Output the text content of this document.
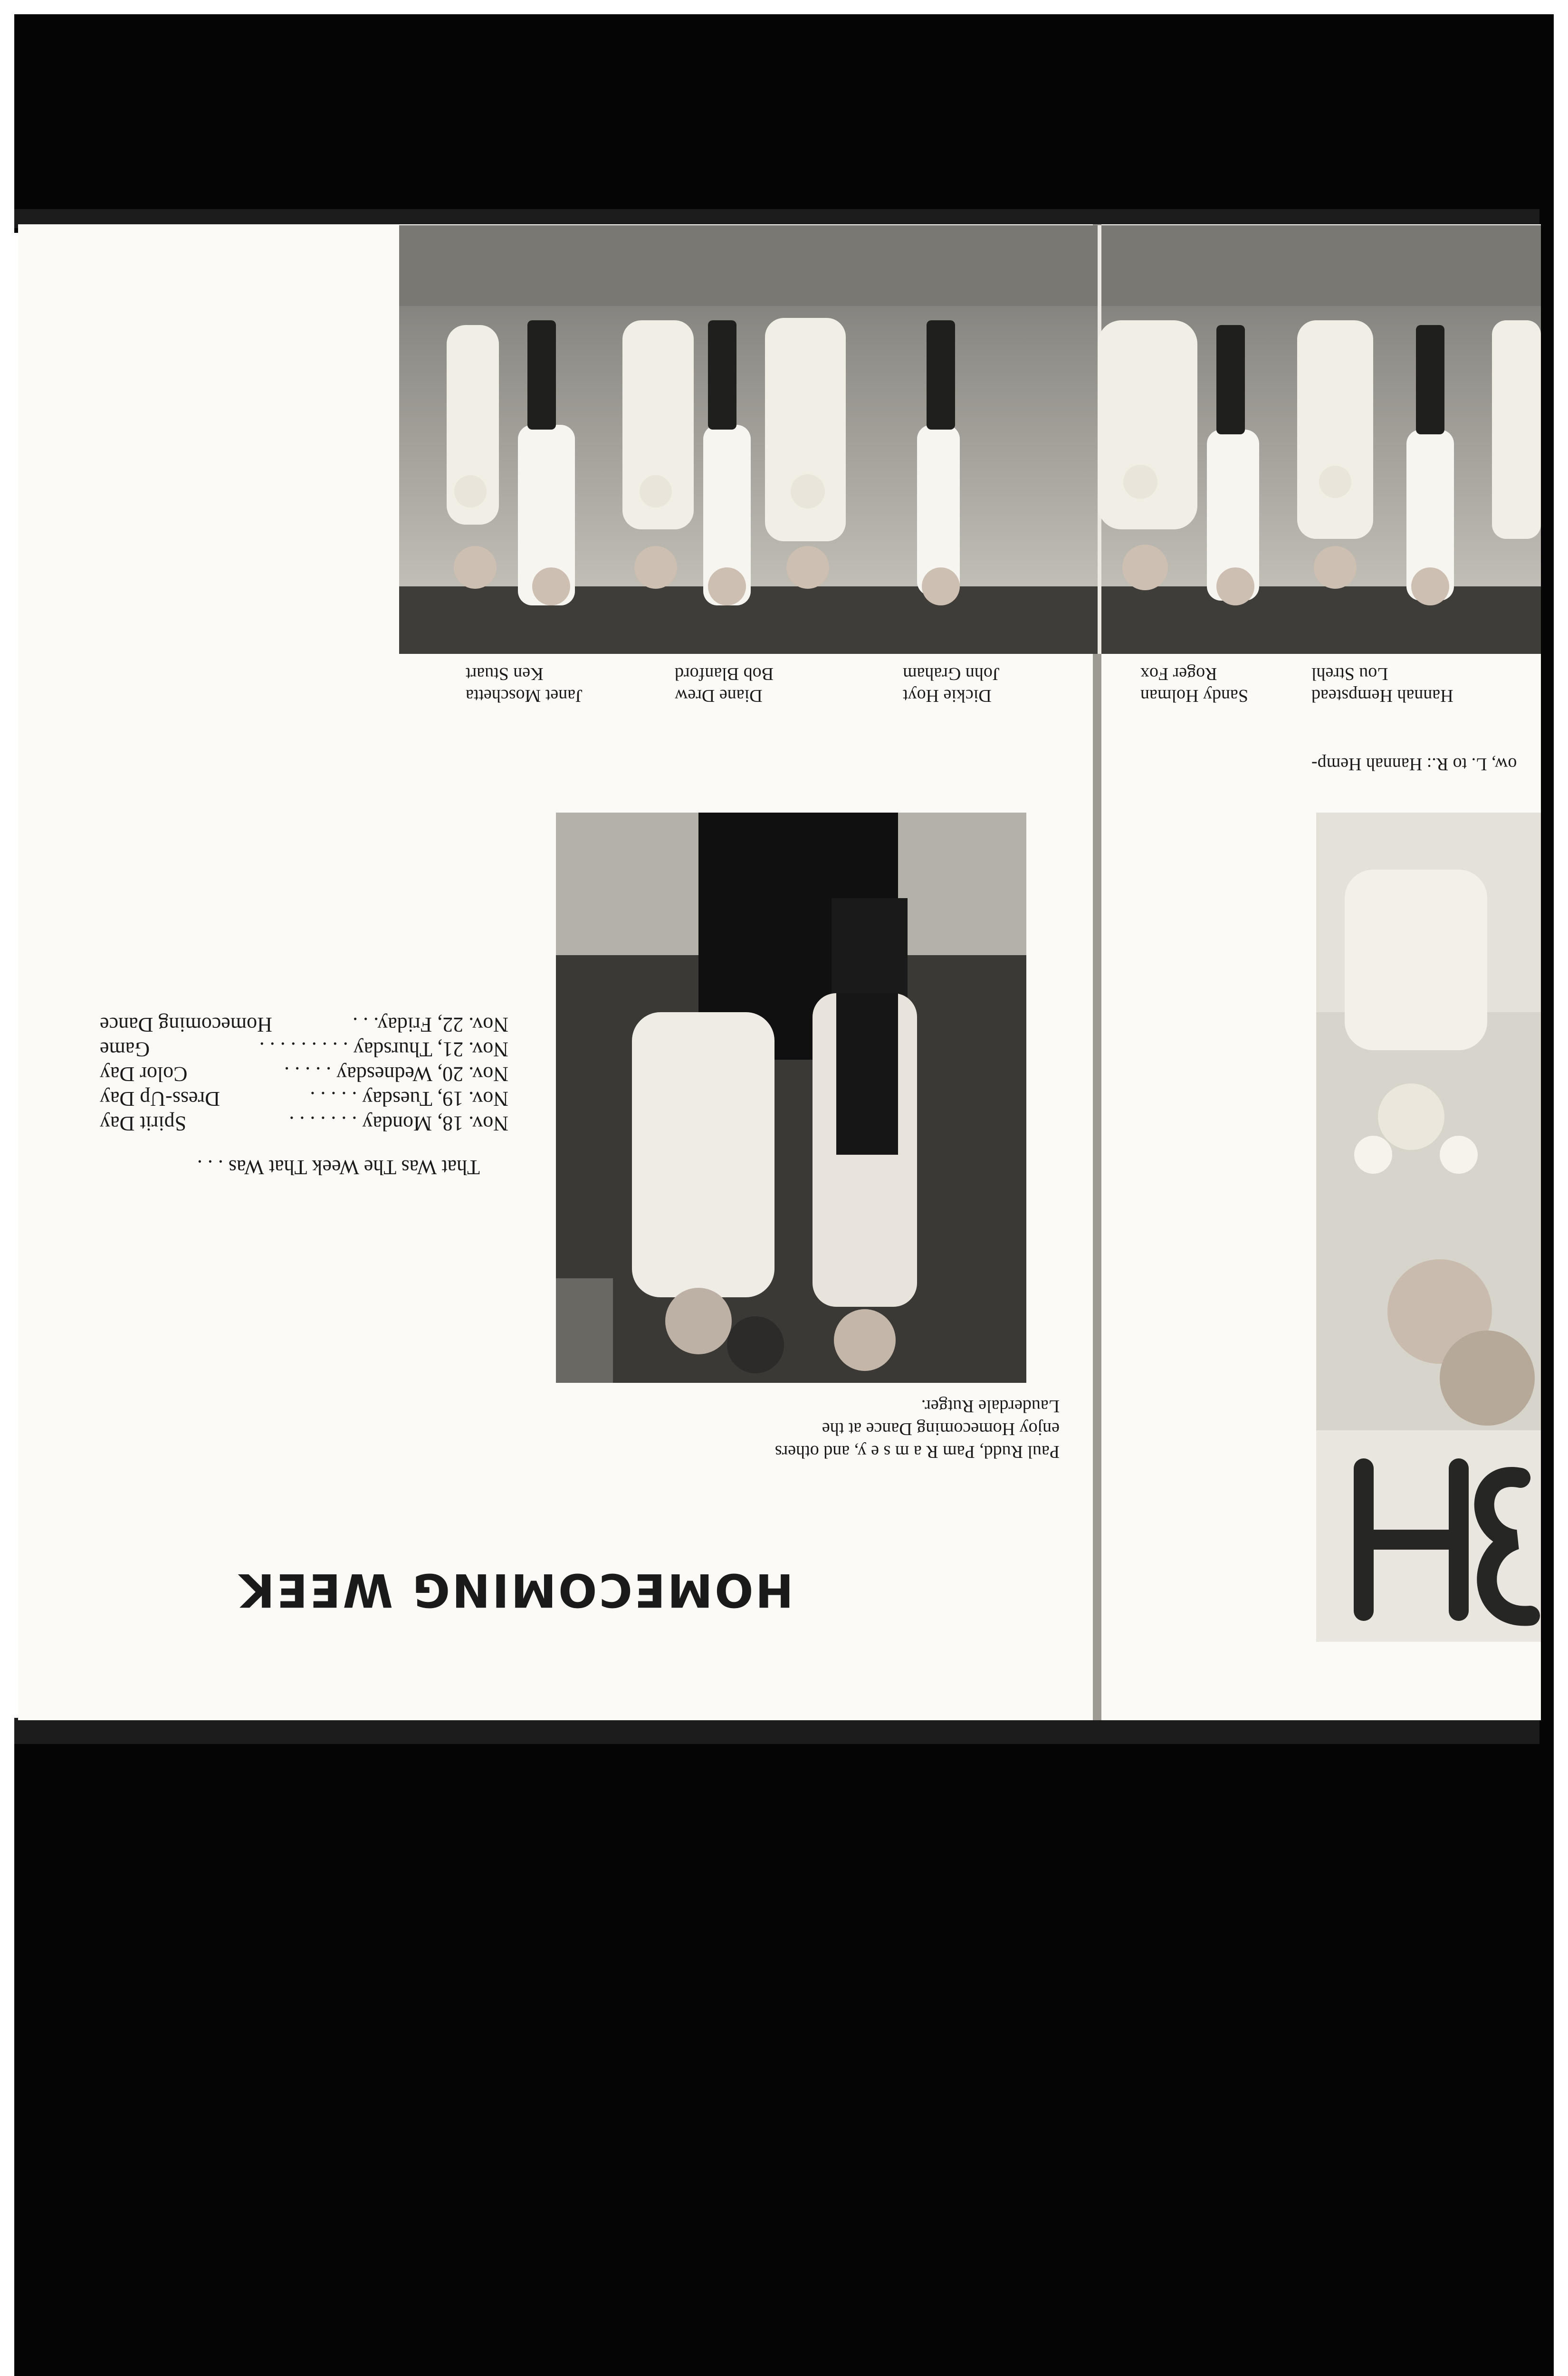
Janet Moschetta
Ken Stuart
Diane Drew
Bob Blanford
Dickie Hoyt
John Graham
Sandy Holman
Roger Fox
Hannah Hempstead
Lou Strehl
ow, L. to R.: Hannah Hemp-
Paul Rudd, Pam R a m s e y, and others enjoy Homecoming Dance at the Lauderdale Rutger.
That Was The Week That Was . . .
Nov. 18, Monday . . . . . . .
Spirit Day
Nov. 19, Tuesday . . . . .
Dress-Up Day
Nov. 20, Wednesday . . . . .
Color Day
Nov. 21, Thursday . . . . . . . . .
Game
Nov. 22, Friday. . .
Homecoming Dance
HOMECOMING WEEK
